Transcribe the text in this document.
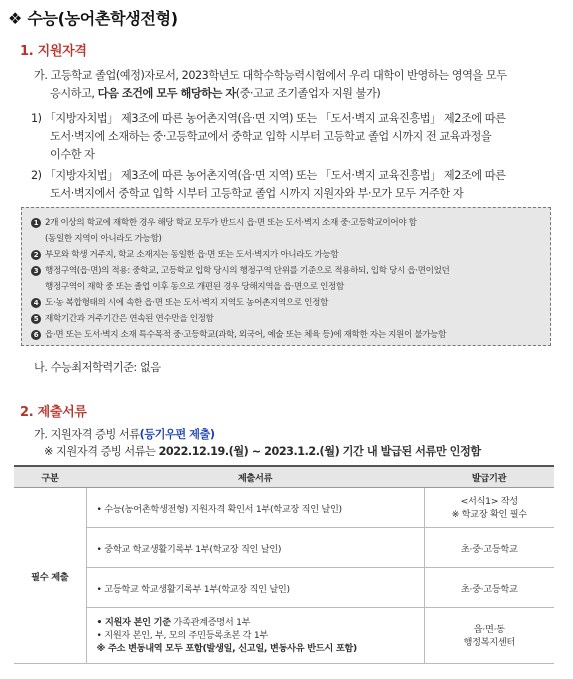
❖ 수능(농어촌학생전형)
1. 지원자격
가. 고등학교 졸업(예정)자로서, 2023학년도 대학수학능력시험에서 우리 대학이 반영하는 영역을 모두
응시하고, 다음 조건에 모두 해당하는 자(중·고교 조기졸업자 지원 불가)
1) 「지방자치법」 제3조에 따른 농어촌지역(읍·면 지역) 또는 「도서·벽지 교육진흥법」 제2조에 따른
도서·벽지에 소재하는 중·고등학교에서 중학교 입학 시부터 고등학교 졸업 시까지 전 교육과정을
이수한 자
2) 「지방자치법」 제3조에 따른 농어촌지역(읍·면 지역) 또는 「도서·벽지 교육진흥법」 제2조에 따른
도서·벽지에서 중학교 입학 시부터 고등학교 졸업 시까지 지원자와 부·모가 모두 거주한 자
1 2개 이상의 학교에 재학한 경우 해당 학교 모두가 반드시 읍·면 또는 도서·벽지 소재 중·고등학교이어야 함
(동일한 지역이 아니라도 가능함)
2 부모와 학생 거주지, 학교 소재지는 동일한 읍·면 또는 도서·벽지가 아니라도 가능함
3 행정구역(읍·면)의 적용: 중학교, 고등학교 입학 당시의 행정구역 단위를 기준으로 적용하되, 입학 당시 읍·면이었던
행정구역이 재학 중 또는 졸업 이후 동으로 개편된 경우 당해지역을 읍·면으로 인정함
4 도·농 복합형태의 시에 속한 읍·면 또는 도서·벽지 지역도 농어촌지역으로 인정함
5 재학기간과 거주기간은 연속된 연수만을 인정함
6 읍·면 또는 도서·벽지 소재 특수목적 중·고등학교(과학, 외국어, 예술 또는 체육 등)에 재학한 자는 지원이 불가능함
나. 수능최저학력기준: 없음
2. 제출서류
가. 지원자격 증빙 서류(등기우편 제출)
※ 지원자격 증빙 서류는 2022.12.19.(월) ~ 2023.1.2.(월) 기간 내 발급된 서류만 인정함
구분	제출서류	발급기관
필수 제출	• 수능(농어촌학생전형) 지원자격 확인서 1부(학교장 직인 날인)	<서식1> 작성
※ 학교장 확인 필수

	• 중학교 학교생활기록부 1부(학교장 직인 날인)	초·중·고등학교
	• 고등학교 학교생활기록부 1부(학교장 직인 날인)	초·중·고등학교

	• 지원자 본인 기준 가족관계증명서 1부
• 지원자 본인, 부, 모의 주민등록초본 각 1부
※ 주소 변동내역 모두 포함(발생일, 신고일, 변동사유 반드시 포함)	읍·면·동
행정복지센터
